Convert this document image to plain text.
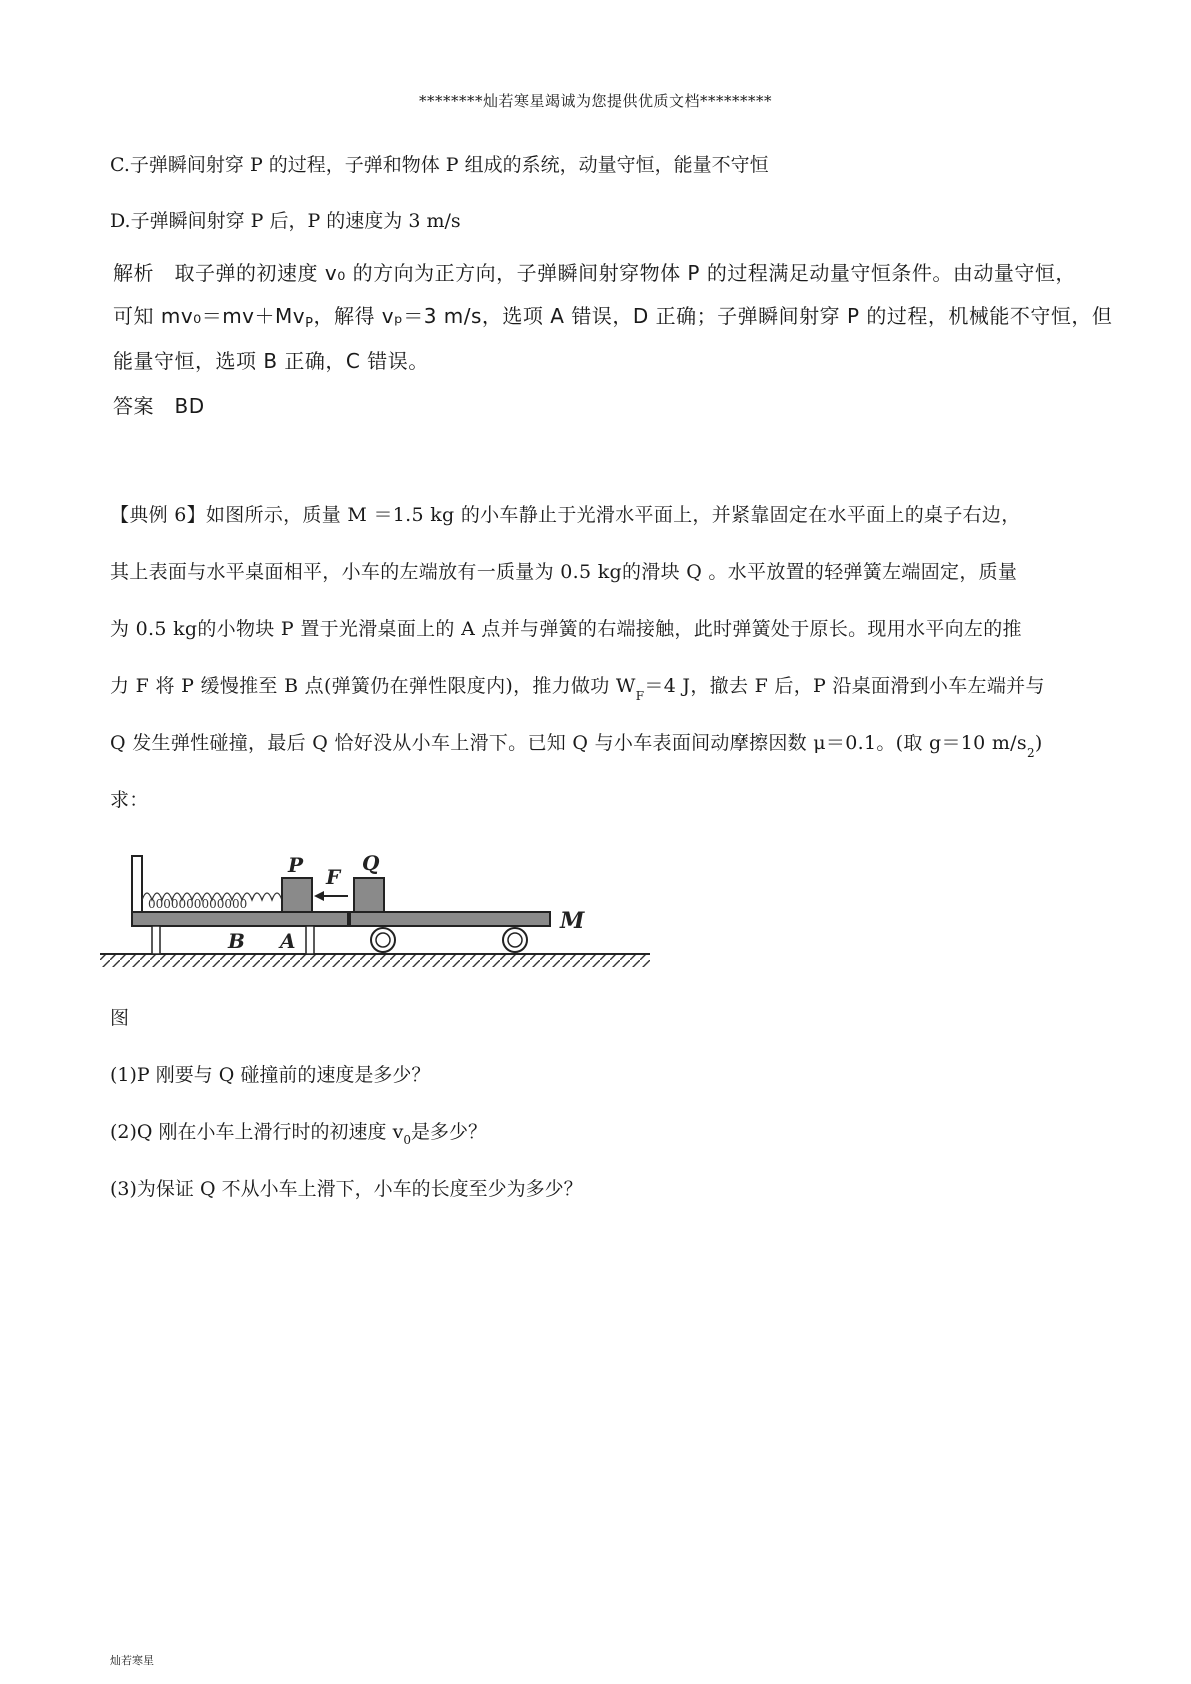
********灿若寒星竭诚为您提供优质文档*********
C.子弹瞬间射穿 P 的过程，子弹和物体 P 组成的系统，动量守恒，能量不守恒
D.子弹瞬间射穿 P 后，P 的速度为 3 m/s
解析　取子弹的初速度 v₀ 的方向为正方向，子弹瞬间射穿物体 P 的过程满足动量守恒条件。由动量守恒，
可知 $mv_0=mv+Mv_P$，解得 vₚ＝3 m/s，选项 A 错误，D 正确；子弹瞬间射穿 P 的过程，机械能不守恒，但
能量守恒，选项 B 正确，C 错误。
答案　BD
【典例 6】如图所示，质量 M ＝1.5 kg 的小车静止于光滑水平面上，并紧靠固定在水平面上的桌子右边，
其上表面与水平桌面相平，小车的左端放有一质量为 0.5 kg的滑块 Q 。水平放置的轻弹簧左端固定，质量
为 0.5 kg的小物块 P 置于光滑桌面上的 A 点并与弹簧的右端接触，此时弹簧处于原长。现用水平向左的推
力 F 将 P 缓慢推至 B 点(弹簧仍在弹性限度内)，推力做功 $W_F=4$ J，撤去 F 后，P 沿桌面滑到小车左端并与
Q 发生弹性碰撞，最后 Q 恰好没从小车上滑下。已知 Q 与小车表面间动摩擦因数 μ＝0.1。(取 g＝10 $m/s_2$)
求：
0000000000000
P F
Q
M
B A
图
(1)P 刚要与 Q 碰撞前的速度是多少？
(2)Q 刚在小车上滑行时的初速度 $v_0$是多少？
(3)为保证 Q 不从小车上滑下，小车的长度至少为多少？
灿若寒星
